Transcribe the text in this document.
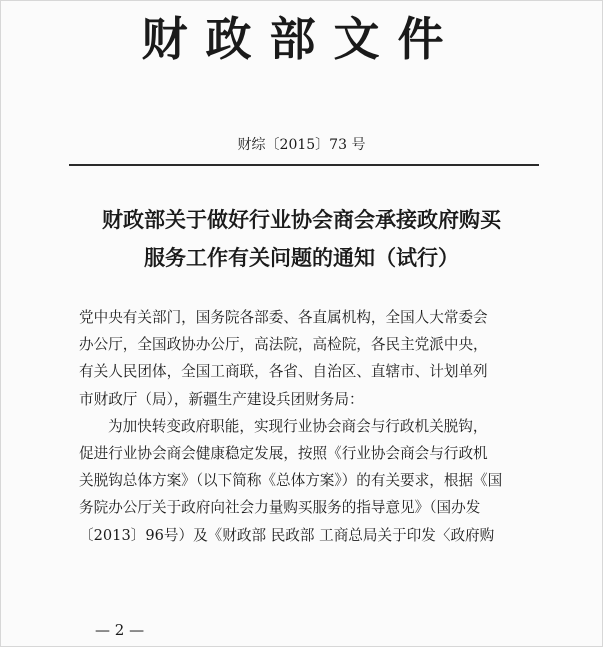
财政部文件
财综〔2015〕73 号
财政部关于做好行业协会商会承接政府购买
服务工作有关问题的通知（试行）
党中央有关部门，国务院各部委、各直属机构，全国人大常委会
办公厅，全国政协办公厅，高法院，高检院，各民主党派中央，
有关人民团体，全国工商联，各省、自治区、直辖市、计划单列
市财政厅（局），新疆生产建设兵团财务局：
为加快转变政府职能，实现行业协会商会与行政机关脱钩，
促进行业协会商会健康稳定发展，按照《行业协会商会与行政机
关脱钩总体方案》（以下简称《总体方案》）的有关要求，根据《国
务院办公厅关于政府向社会力量购买服务的指导意见》（国办发
〔2013〕96号）及《财政部 民政部 工商总局关于印发〈政府购
— 2 —
